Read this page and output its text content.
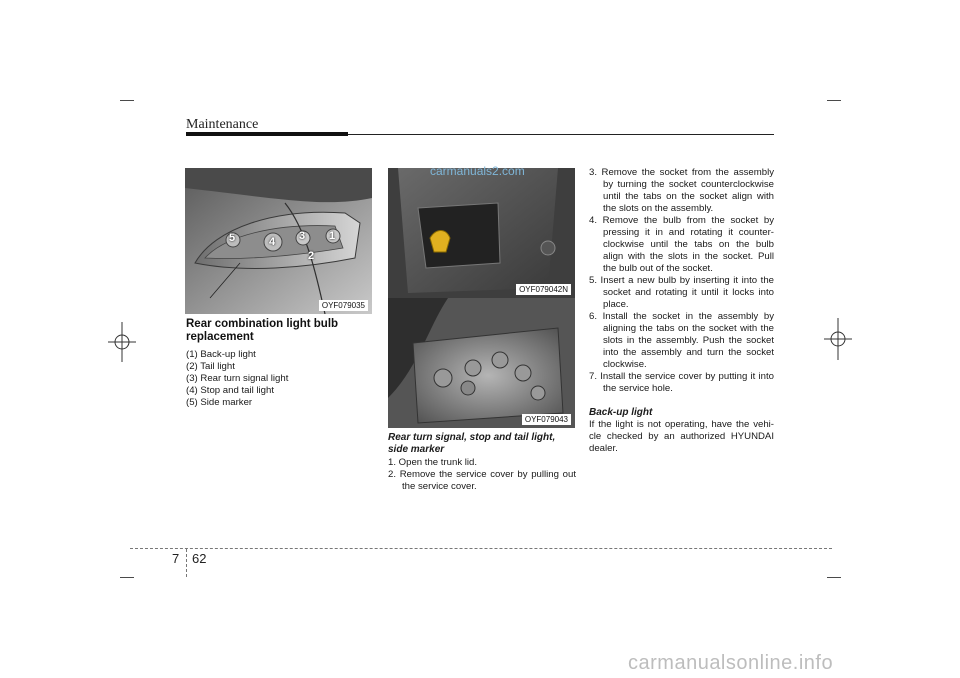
Maintenance
5	4 3 1
2
OYF079035
OYF079042N
OYF079043
Rear combination light bulb replacement
(1) Back-up light
(2) Tail light
(3) Rear turn signal light
(4) Stop and tail light
(5) Side marker
Rear turn signal, stop and tail light, side marker
1. Open the trunk lid.
2. Remove the service cover by pulling out the service cover.
3. Remove the socket from the assembly by turning the socket counterclockwise until the tabs on the socket align with the slots on the assembly.
4. Remove the bulb from the socket by pressing it in and rotating it counter-clockwise until the tabs on the bulb align with the slots in the socket. Pull the bulb out of the socket.
5. Insert a new bulb by inserting it into the socket and rotating it until it locks into place.
6. Install the socket in the assembly by aligning the tabs on the socket with the slots in the assembly. Push the socket into the assembly and turn the socket clockwise.
7. Install the service cover by putting it into the service hole.
Back-up light
If the light is not operating, have the vehi-cle checked by an authorized HYUNDAI dealer.
7 62
carmanuals2.com
carmanualsonline.info
